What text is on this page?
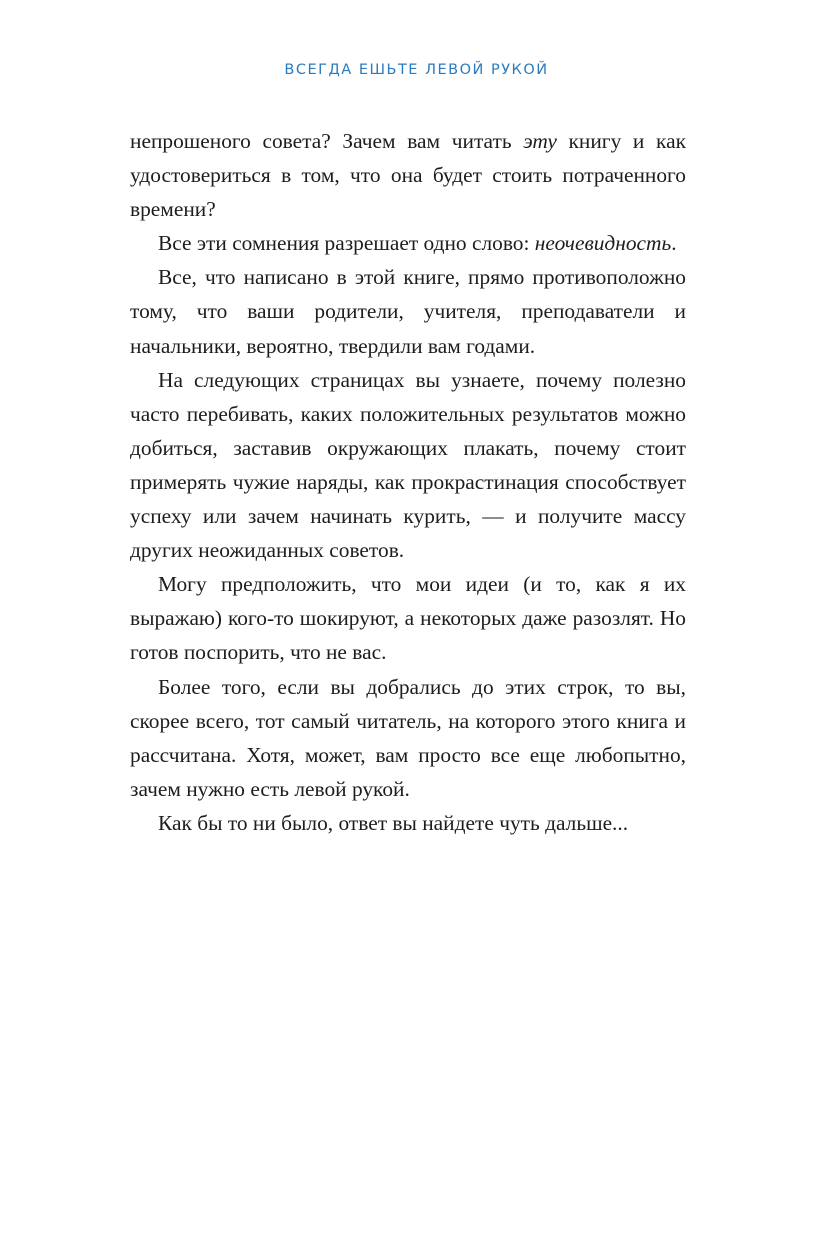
ВСЕГДА ЕШЬТЕ ЛЕВОЙ РУКОЙ

непрошеного совета? Зачем вам читать эту книгу и как удостовериться в том, что она будет стоить потраченного времени?

Все эти сомнения разрешает одно слово: неочевидность.

Все, что написано в этой книге, прямо противоположно тому, что ваши родители, учителя, преподаватели и начальники, вероятно, твердили вам годами.

На следующих страницах вы узнаете, почему полезно часто перебивать, каких положительных результатов можно добиться, заставив окружающих плакать, почему стоит примерять чужие наряды, как прокрастинация способствует успеху или зачем начинать курить, — и получите массу других неожиданных советов.

Могу предположить, что мои идеи (и то, как я их выражаю) кого-то шокируют, а некоторых даже разозлят. Но готов поспорить, что не вас.

Более того, если вы добрались до этих строк, то вы, скорее всего, тот самый читатель, на которого этого книга и рассчитана. Хотя, может, вам просто все еще любопытно, зачем нужно есть левой рукой.

Как бы то ни было, ответ вы найдете чуть дальше...
